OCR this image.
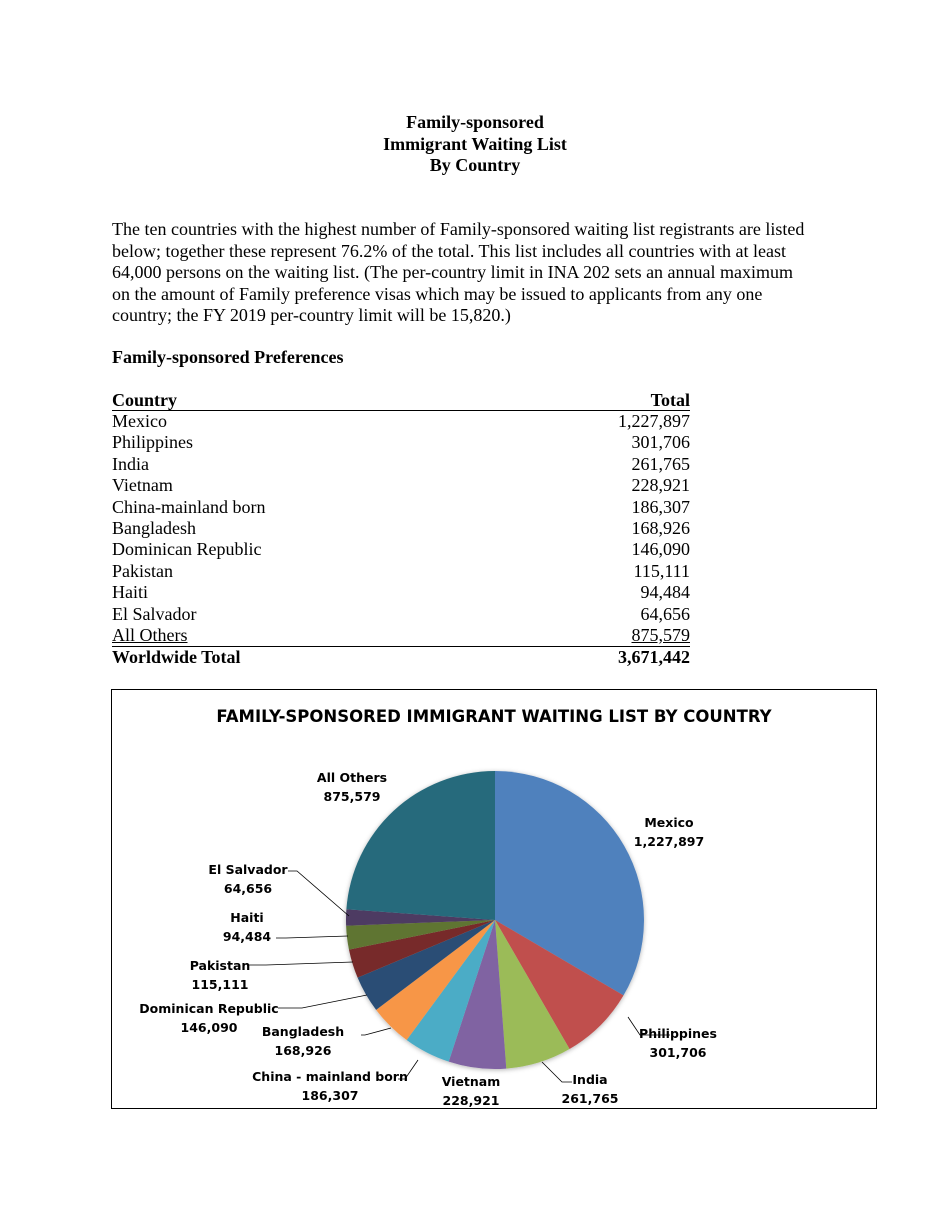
Family-sponsored
Immigrant Waiting List
By Country
The ten countries with the highest number of Family-sponsored waiting list registrants are listed
below; together these represent 76.2% of the total. This list includes all countries with at least
64,000 persons on the waiting list. (The per-country limit in INA 202 sets an annual maximum
on the amount of Family preference visas which may be issued to applicants from any one
country; the FY 2019 per-country limit will be 15,820.)
Family-sponsored Preferences
Country	Total
Mexico	1,227,897
Philippines	301,706
India	261,765
Vietnam	228,921
China-mainland born	186,307
Bangladesh	168,926
Dominican Republic	146,090
Pakistan	115,111
Haiti	94,484
El Salvador	64,656
All Others	875,579
Worldwide Total	3,671,442
FAMILY-SPONSORED IMMIGRANT WAITING LIST BY COUNTRY
Mexico 1,227,897
Philippines 301,706
India 261,765
Vietnam 228,921
China - mainland born 186,307
Bangladesh 168,926
Dominican Republic 146,090
Pakistan 115,111
Haiti 94,484
El Salvador 64,656
All Others 875,579
